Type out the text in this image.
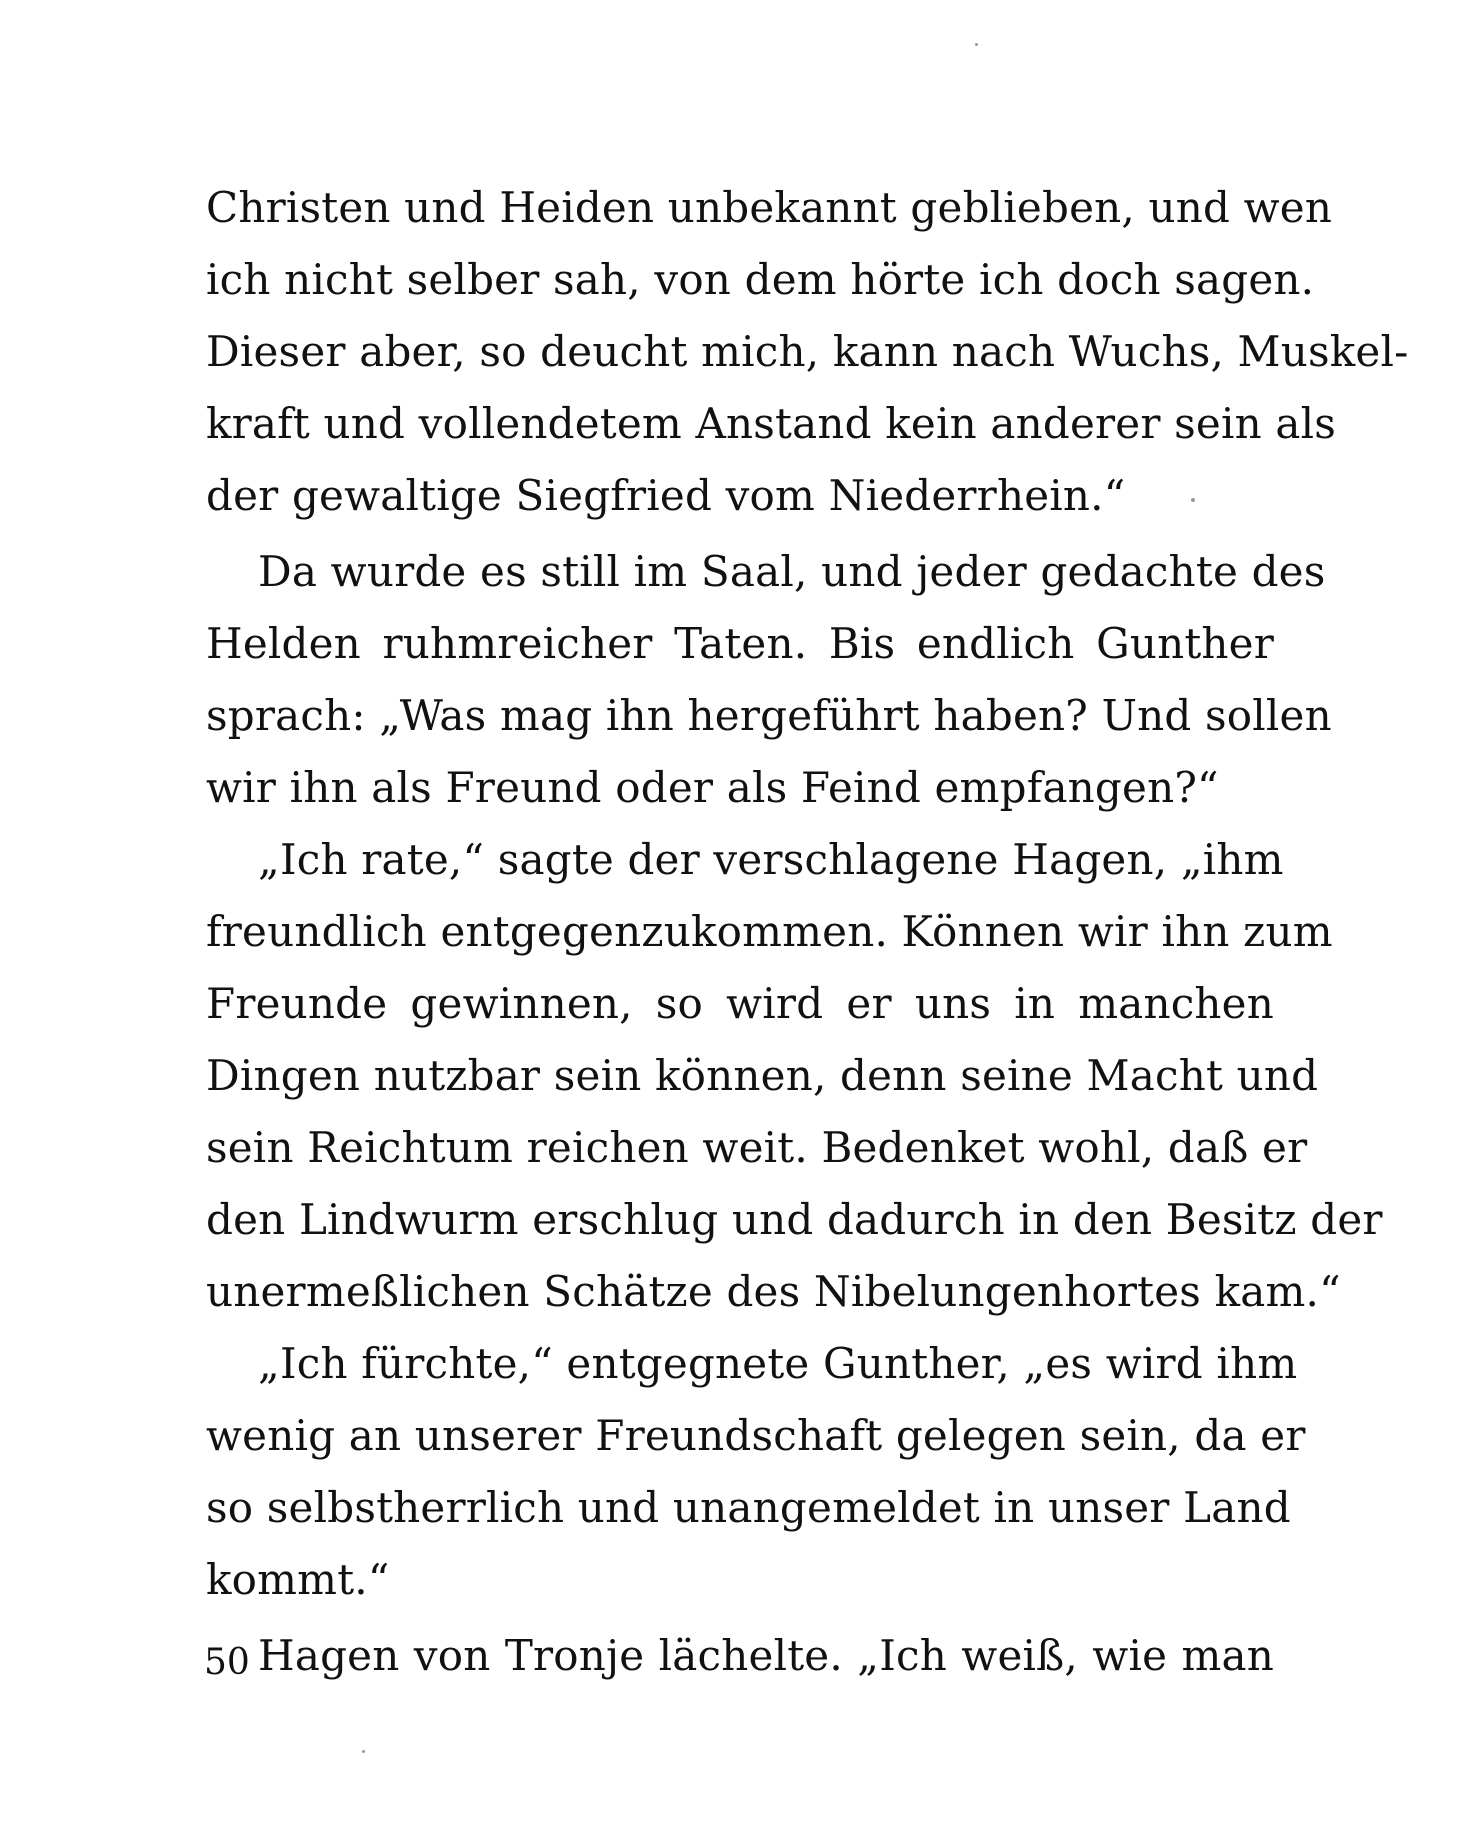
Christen und Heiden unbekannt geblieben, und wen
ich nicht selber sah, von dem hörte ich doch sagen.
Dieser aber, so deucht mich, kann nach Wuchs, Muskel-
kraft und vollendetem Anstand kein anderer sein als
der gewaltige Siegfried vom Niederrhein.“
Da wurde es still im Saal, und jeder gedachte des
Helden ruhmreicher Taten. Bis endlich Gunther
sprach: „Was mag ihn hergeführt haben? Und sollen
wir ihn als Freund oder als Feind empfangen?“
„Ich rate,“ sagte der verschlagene Hagen, „ihm
freundlich entgegenzukommen. Können wir ihn zum
Freunde gewinnen, so wird er uns in manchen
Dingen nutzbar sein können, denn seine Macht und
sein Reichtum reichen weit. Bedenket wohl, daß er
den Lindwurm erschlug und dadurch in den Besitz der
unermeßlichen Schätze des Nibelungenhortes kam.“
„Ich fürchte,“ entgegnete Gunther, „es wird ihm
wenig an unserer Freundschaft gelegen sein, da er
so selbstherrlich und unangemeldet in unser Land
kommt.“
Hagen von Tronje lächelte. „Ich weiß, wie man
50
